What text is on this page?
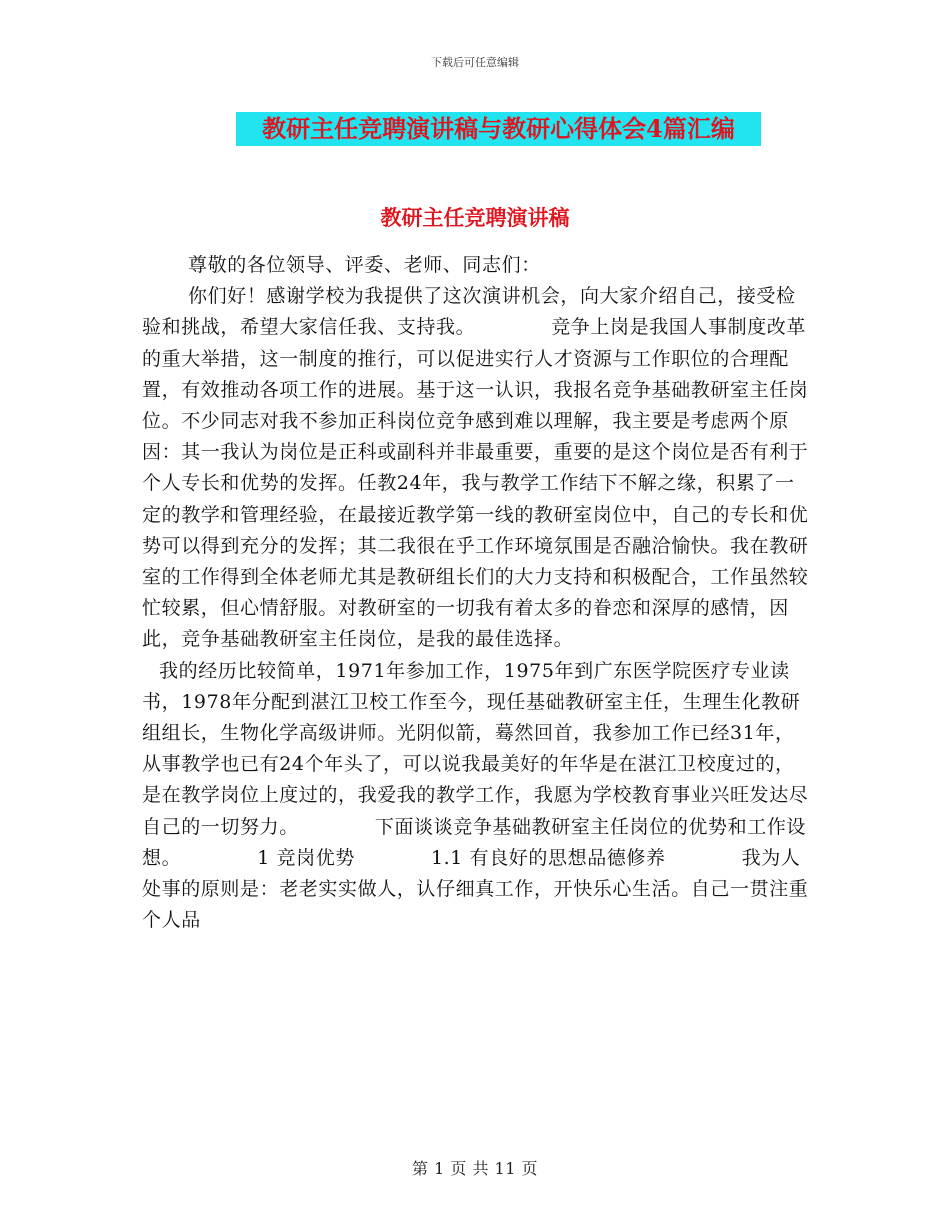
下载后可任意编辑
教研主任竞聘演讲稿与教研心得体会4篇汇编
教研主任竞聘演讲稿

尊敬的各位领导、评委、老师、同志们：

你们好！感谢学校为我提供了这次演讲机会，向大家介绍自己，接受检验和挑战，希望大家信任我、支持我。	竞争上岗是我国人事制度改革的重大举措，这一制度的推行，可以促进实行人才资源与工作职位的合理配置，有效推动各项工作的进展。基于这一认识，我报名竞争基础教研室主任岗位。不少同志对我不参加正科岗位竞争感到难以理解，我主要是考虑两个原因：其一我认为岗位是正科或副科并非最重要，重要的是这个岗位是否有利于个人专长和优势的发挥。任教24年，我与教学工作结下不解之缘，积累了一定的教学和管理经验，在最接近教学第一线的教研室岗位中，自己的专长和优势可以得到充分的发挥；其二我很在乎工作环境氛围是否融洽愉快。我在教研室的工作得到全体老师尤其是教研组长们的大力支持和积极配合，工作虽然较忙较累，但心情舒服。对教研室的一切我有着太多的眷恋和深厚的感情，因此，竞争基础教研室主任岗位，是我的最佳选择。

我的经历比较简单，1971年参加工作，1975年到广东医学院医疗专业读书，1978年分配到湛江卫校工作至今，现任基础教研室主任，生理生化教研组组长，生物化学高级讲师。光阴似箭，蓦然回首，我参加工作已经31年，从事教学也已有24个年头了，可以说我最美好的年华是在湛江卫校度过的，是在教学岗位上度过的，我爱我的教学工作，我愿为学校教育事业兴旺发达尽自己的一切努力。	下面谈谈竞争基础教研室主任岗位的优势和工作设想。	1 竞岗优势	1.1 有良好的思想品德修养	我为人处事的原则是：老老实实做人，认仔细真工作，开快乐心生活。自己一贯注重个人品

第 1 页 共 11 页
